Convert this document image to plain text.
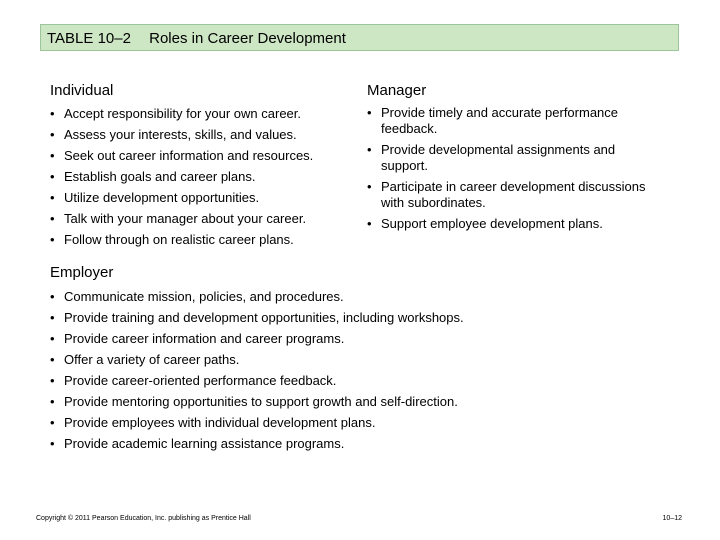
TABLE 10–2 Roles in Career Development
Individual
• Accept responsibility for your own career.
• Assess your interests, skills, and values.
• Seek out career information and resources.
• Establish goals and career plans.
• Utilize development opportunities.
• Talk with your manager about your career.
• Follow through on realistic career plans.
Manager
• Provide timely and accurate performance feedback.
• Provide developmental assignments and support.
• Participate in career development discussions with subordinates.
• Support employee development plans.
Employer
• Communicate mission, policies, and procedures.
• Provide training and development opportunities, including workshops.
• Provide career information and career programs.
• Offer a variety of career paths.
• Provide career-oriented performance feedback.
• Provide mentoring opportunities to support growth and self-direction.
• Provide employees with individual development plans.
• Provide academic learning assistance programs.
Copyright © 2011 Pearson Education, Inc. publishing as Prentice Hall	10–12
